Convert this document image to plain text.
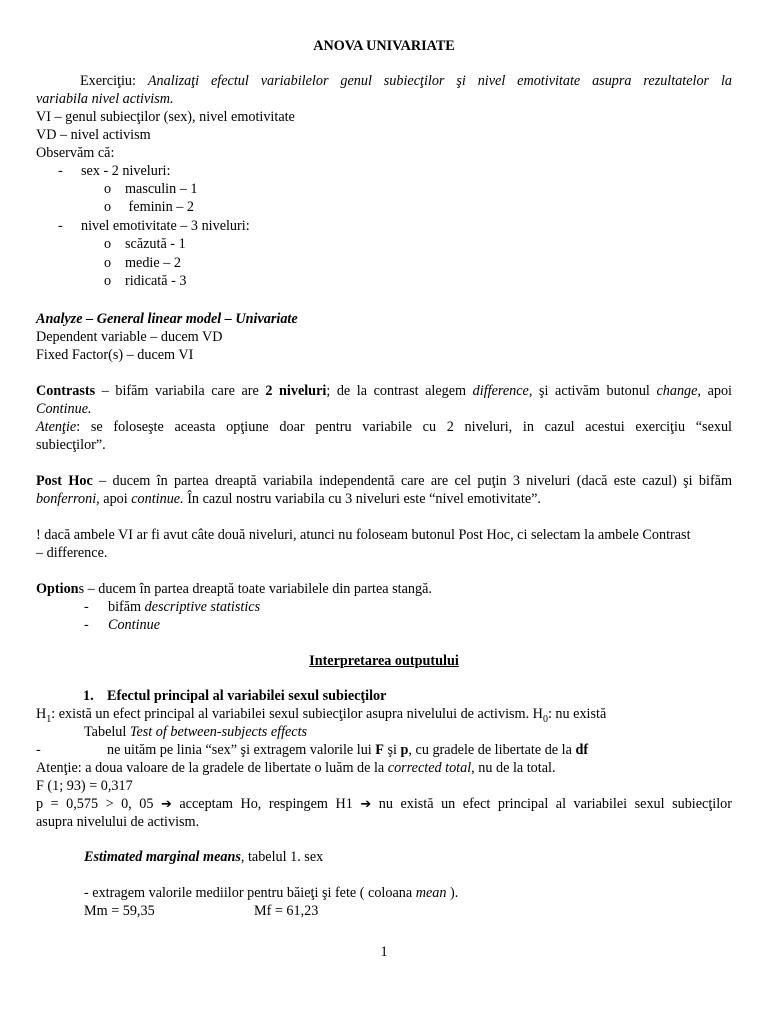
ANOVA UNIVARIATE
Exerciţiu: Analizaţi efectul variabilelor genul subiecţilor şi nivel emotivitate asupra rezultatelor la
variabila nivel activism.
VI – genul subiecţilor (sex), nivel emotivitate
VD – nivel activism
Observăm că:
- sex - 2 niveluri:
o masculin – 1
o feminin – 2
- nivel emotivitate – 3 niveluri:
o scăzută - 1
o medie – 2
o ridicată - 3
Analyze – General linear model – Univariate
Dependent variable – ducem VD
Fixed Factor(s) – ducem VI
Contrasts – bifăm variabila care are 2 niveluri; de la contrast alegem difference, şi activăm butonul change, apoi
Continue.
Atenţie: se foloseşte aceasta opţiune doar pentru variabile cu 2 niveluri, in cazul acestui exerciţiu “sexul
subiecţilor”.
Post Hoc – ducem în partea dreaptă variabila independentă care are cel puţin 3 niveluri (dacă este cazul) şi bifăm
bonferroni, apoi continue. În cazul nostru variabila cu 3 niveluri este “nivel emotivitate”.
! dacă ambele VI ar fi avut câte două niveluri, atunci nu foloseam butonul Post Hoc, ci selectam la ambele Contrast
– difference.
Options – ducem în partea dreaptă toate variabilele din partea stangă.
- bifăm descriptive statistics
- Continue
Interpretarea outputului
1. Efectul principal al variabilei sexul subiecţilor
$H_1$: există un efect principal al variabilei sexul subiecţilor asupra nivelului de activism. $H_0$: nu există
Tabelul Test of between-subjects effects
-	ne uităm pe linia “sex” şi extragem valorile lui F şi p, cu gradele de libertate de la df
Atenţie: a doua valoare de la gradele de libertate o luăm de la corrected total, nu de la total.
F (1; 93) = 0,317
p = 0,575 > 0, 05 ➔ acceptam Ho, respingem H1 ➔ nu există un efect principal al variabilei sexul subiecţilor
asupra nivelului de activism.
Estimated marginal means, tabelul 1. sex
- extragem valorile mediilor pentru băieţi şi fete ( coloana mean ).
Mm = 59,35	Mf = 61,23
1
